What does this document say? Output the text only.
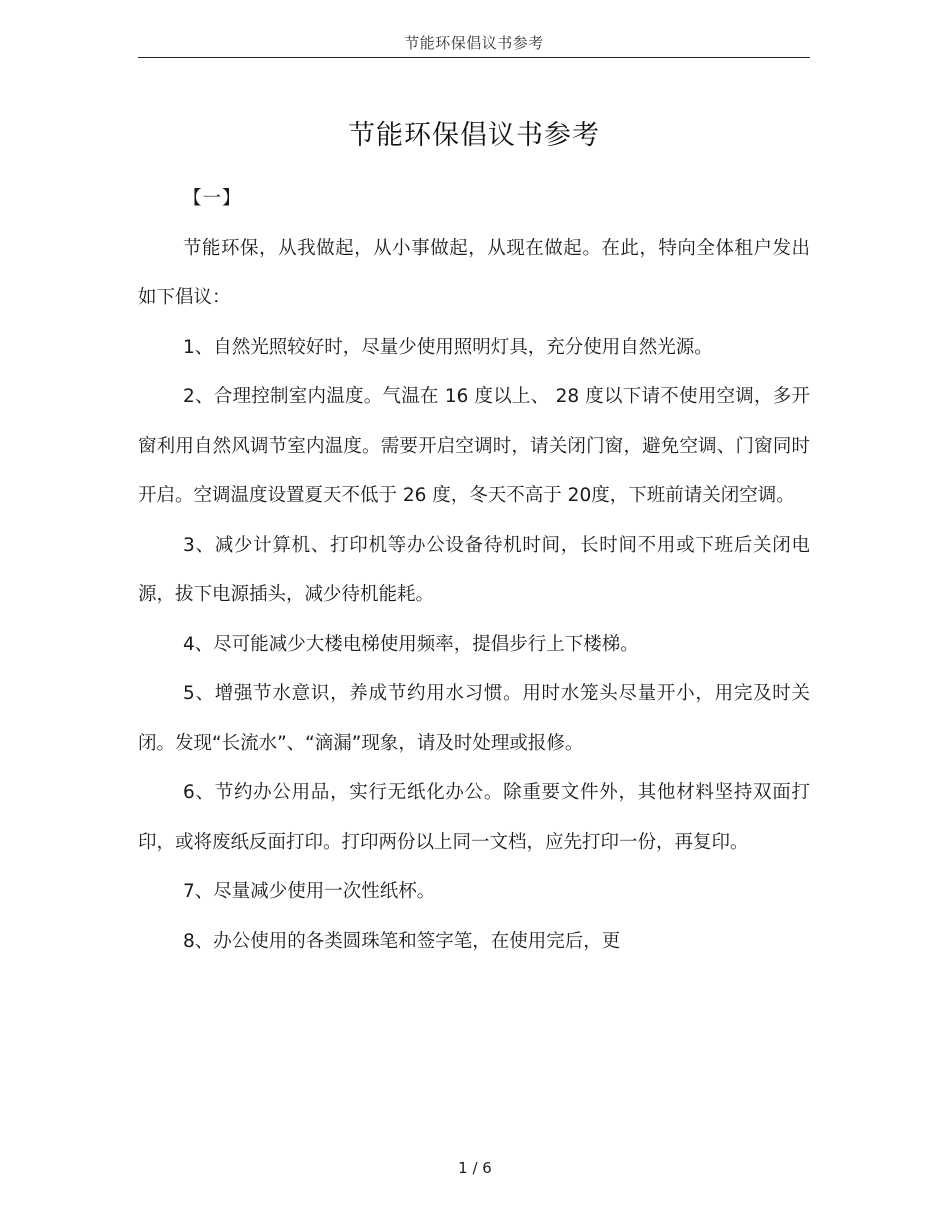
节能环保倡议书参考
节能环保倡议书参考

【一】

节能环保，从我做起，从小事做起，从现在做起。在此，特向全体租户发出如下倡议：

1、自然光照较好时，尽量少使用照明灯具，充分使用自然光源。

2、合理控制室内温度。气温在 16 度以上、 28 度以下请不使用空调，多开窗利用自然风调节室内温度。需要开启空调时，请关闭门窗，避免空调、门窗同时开启。空调温度设置夏天不低于 26 度，冬天不高于 20度，下班前请关闭空调。

3、减少计算机、打印机等办公设备待机时间，长时间不用或下班后关闭电源，拔下电源插头，减少待机能耗。

4、尽可能减少大楼电梯使用频率，提倡步行上下楼梯。

5、增强节水意识，养成节约用水习惯。用时水笼头尽量开小，用完及时关闭。发现“长流水”、“滴漏”现象，请及时处理或报修。

6、节约办公用品，实行无纸化办公。除重要文件外，其他材料坚持双面打印，或将废纸反面打印。打印两份以上同一文档，应先打印一份，再复印。

7、尽量减少使用一次性纸杯。

8、办公使用的各类圆珠笔和签字笔，在使用完后，更

1 / 6
